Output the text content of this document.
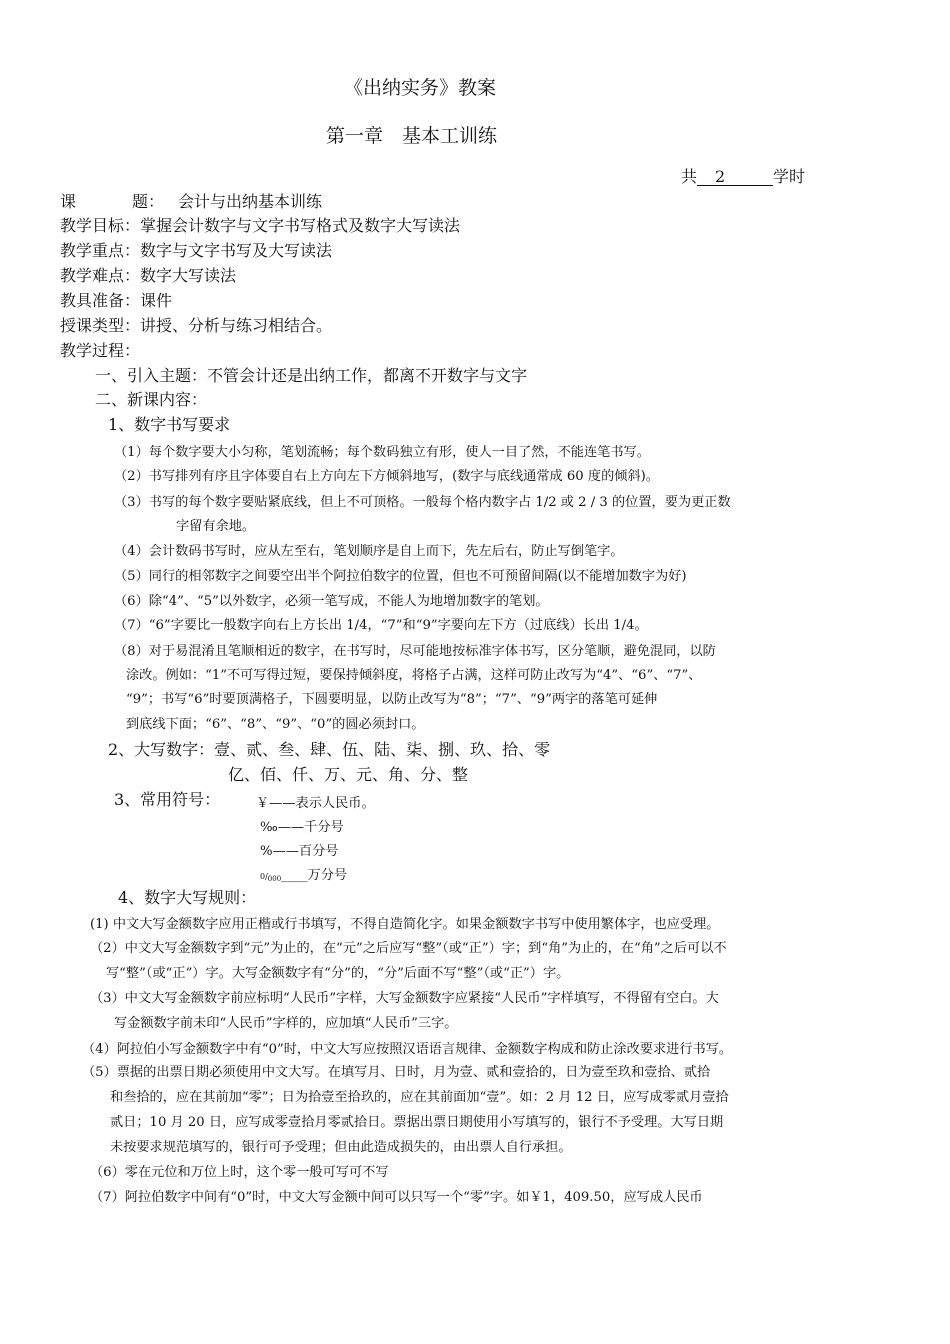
《出纳实务》教案
第一章　基本工训练
共 2	学时
课	题： 会计与出纳基本训练
教学目标：掌握会计数字与文字书写格式及数字大写读法
教学重点：数字与文字书写及大写读法
教学难点：数字大写读法
教具准备：课件
授课类型：讲授、分析与练习相结合。
教学过程：
一、引入主题：不管会计还是出纳工作，都离不开数字与文字
二、新课内容：
1、数字书写要求
（1）每个数字要大小匀称，笔划流畅；每个数码独立有形，使人一目了然，不能连笔书写。
（2）书写排列有序且字体要自右上方向左下方倾斜地写，(数字与底线通常成 60 度的倾斜)。
（3）书写的每个数字要贴紧底线，但上不可顶格。一般每个格内数字占 1/2 或 2 / 3 的位置，要为更正数
字留有余地。
（4）会计数码书写时，应从左至右，笔划顺序是自上而下，先左后右，防止写倒笔字。
（5）同行的相邻数字之间要空出半个阿拉伯数字的位置，但也不可预留间隔(以不能增加数字为好)
（6）除“4”、“5”以外数字，必须一笔写成，不能人为地增加数字的笔划。
（7）“6”字要比一般数字向右上方长出 1/4，“7”和“9”字要向左下方（过底线）长出 1/4。
（8）对于易混淆且笔顺相近的数字，在书写时，尽可能地按标准字体书写，区分笔顺，避免混同，以防
涂改。例如：“1”不可写得过短，要保持倾斜度，将格子占满，这样可防止改写为“4”、“6”、“7”、
“9”；书写“6”时要顶满格子，下圆要明显，以防止改写为“8”；“7”、“9”两字的落笔可延伸
到底线下面；“6”、“8”、“9”、“0”的圆必须封口。
2、大写数字：壹、贰、叁、肆、伍、陆、柒、捌、玖、拾、零
亿、佰、仟、万、元、角、分、整
3、常用符号：	￥——表示人民币。
‰——千分号
%——百分号
$0/_{000}\_\_\_\_$万分号
4、数字大写规则：
(1) 中文大写金额数字应用正楷或行书填写，不得自造简化字。如果金额数字书写中使用繁体字，也应受理。
（2）中文大写金额数字到“元”为止的，在“元”之后应写“整”（或“正”）字；到“角”为止的，在“角”之后可以不
写“整”（或“正”）字。大写金额数字有“分”的，“分”后面不写“整”（或“正”）字。
（3）中文大写金额数字前应标明“人民币”字样，大写金额数字应紧接“人民币”字样填写，不得留有空白。大
写金额数字前未印“人民币”字样的，应加填“人民币”三字。
（4）阿拉伯小写金额数字中有“0”时，中文大写应按照汉语语言规律、金额数字构成和防止涂改要求进行书写。
（5）票据的出票日期必须使用中文大写。在填写月、日时，月为壹、贰和壹拾的，日为壹至玖和壹拾、贰拾
和叁拾的，应在其前加“零”；日为拾壹至拾玖的，应在其前面加“壹”。如：2 月 12 日，应写成零贰月壹拾
贰日；10 月 20 日，应写成零壹拾月零贰拾日。票据出票日期使用小写填写的，银行不予受理。大写日期
未按要求规范填写的，银行可予受理；但由此造成损失的，由出票人自行承担。
（6）零在元位和万位上时，这个零一般可写可不写
（7）阿拉伯数字中间有“0”时，中文大写金额中间可以只写一个“零”字。如￥1，409.50，应写成人民币
